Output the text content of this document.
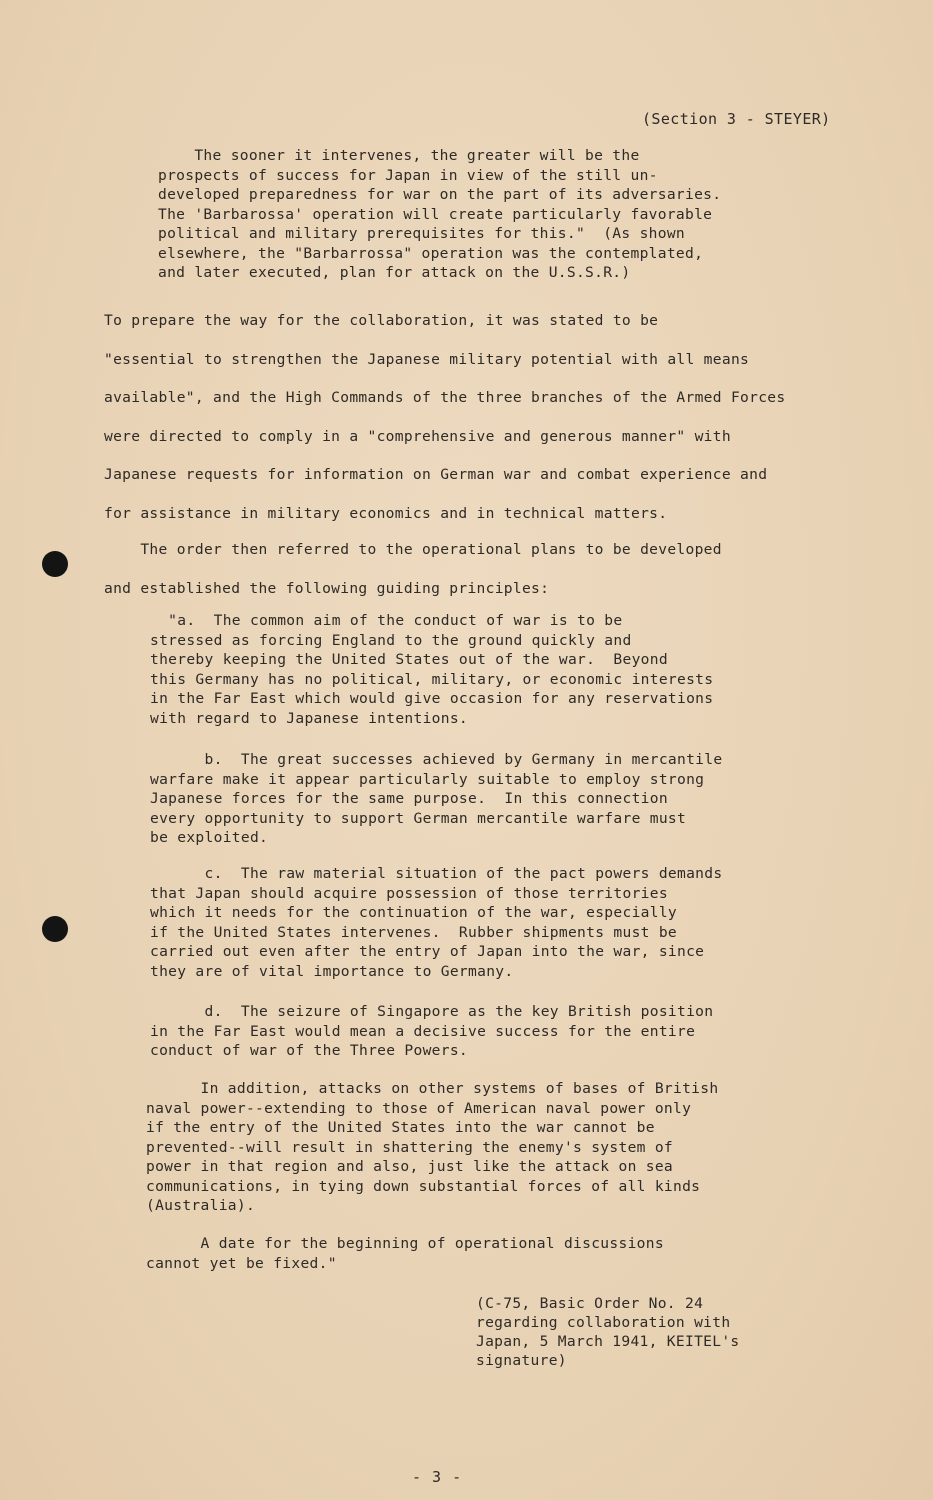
(Section 3 - STEYER)
The sooner it intervenes, the greater will be the
prospects of success for Japan in view of the still un-
developed preparedness for war on the part of its adversaries.
The 'Barbarossa' operation will create particularly favorable
political and military prerequisites for this."  (As shown
elsewhere, the "Barbarrossa" operation was the contemplated,
and later executed, plan for attack on the U.S.S.R.)
To prepare the way for the collaboration, it was stated to be
"essential to strengthen the Japanese military potential with all means
available", and the High Commands of the three branches of the Armed Forces
were directed to comply in a "comprehensive and generous manner" with
Japanese requests for information on German war and combat experience and
for assistance in military economics and in technical matters.
The order then referred to the operational plans to be developed
and established the following guiding principles:
"a.  The common aim of the conduct of war is to be
stressed as forcing England to the ground quickly and
thereby keeping the United States out of the war.  Beyond
this Germany has no political, military, or economic interests
in the Far East which would give occasion for any reservations
with regard to Japanese intentions.
b.  The great successes achieved by Germany in mercantile
warfare make it appear particularly suitable to employ strong
Japanese forces for the same purpose.  In this connection
every opportunity to support German mercantile warfare must
be exploited.
c.  The raw material situation of the pact powers demands
that Japan should acquire possession of those territories
which it needs for the continuation of the war, especially
if the United States intervenes.  Rubber shipments must be
carried out even after the entry of Japan into the war, since
they are of vital importance to Germany.
d.  The seizure of Singapore as the key British position
in the Far East would mean a decisive success for the entire
conduct of war of the Three Powers.
In addition, attacks on other systems of bases of British
naval power--extending to those of American naval power only
if the entry of the United States into the war cannot be
prevented--will result in shattering the enemy's system of
power in that region and also, just like the attack on sea
communications, in tying down substantial forces of all kinds
(Australia).
A date for the beginning of operational discussions
cannot yet be fixed."
(C-75, Basic Order No. 24
regarding collaboration with
Japan, 5 March 1941, KEITEL's
signature)
- 3 -
